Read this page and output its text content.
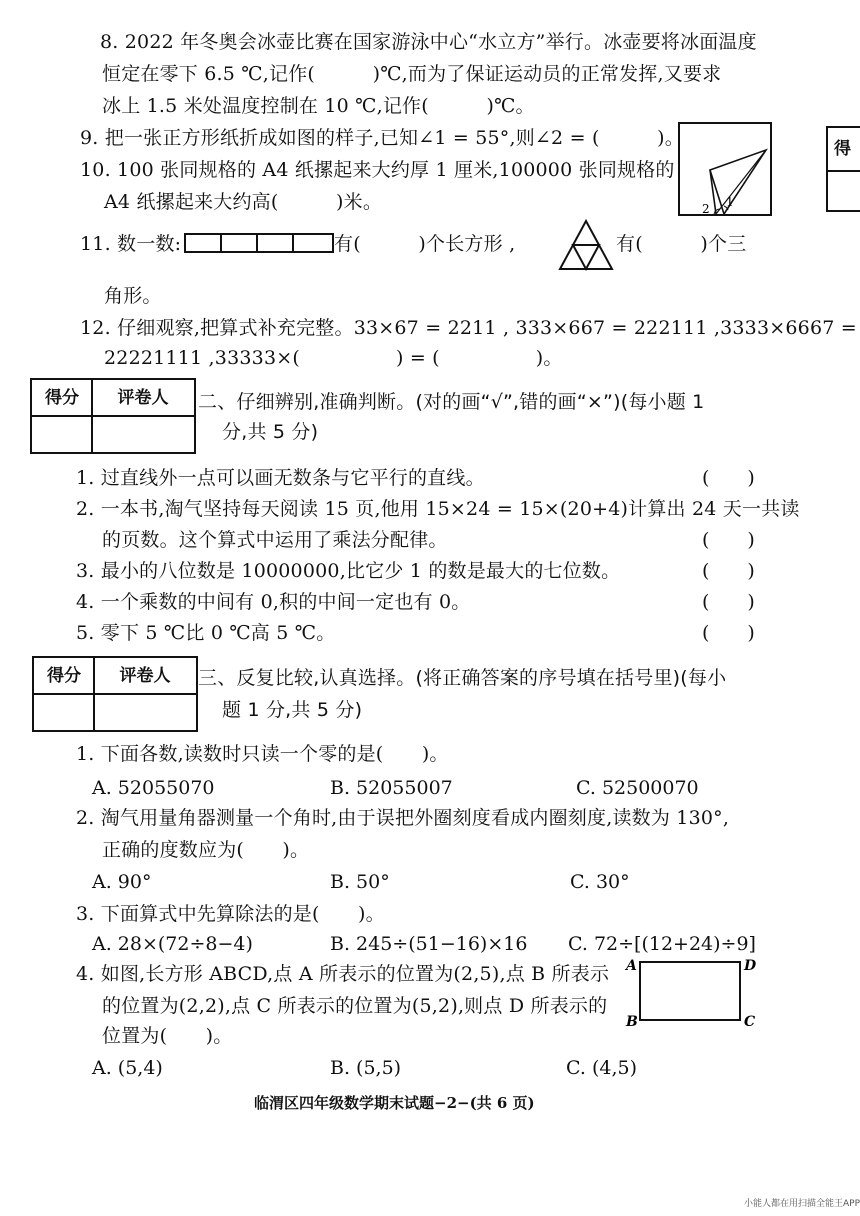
8. 2022 年冬奥会冰壶比赛在国家游泳中心“水立方”举行。冰壶要将冰面温度
恒定在零下 6.5 ℃,记作(　　　)℃,而为了保证运动员的正常发挥,又要求
冰上 1.5 米处温度控制在 10 ℃,记作(　　　)℃。
9. 把一张正方形纸折成如图的样子,已知∠1 = 55°,则∠2 = (　　　)。
1
2
得
10. 100 张同规格的 A4 纸摞起来大约厚 1 厘米,100000 张同规格的
A4 纸摞起来大约高(　　　)米。
11. 数一数:	有(　　　)个长方形 ,	有(　　　)个三
角形。
12. 仔细观察,把算式补充完整。33×67 = 2211 , 333×667 = 222111 ,3333×6667 =
22221111 ,33333×(　　　　　) = (　　　　　)。
得分	评卷人	二、仔细辨别,准确判断。(对的画“√”,错的画“×”)(每小题 1
分,共 5 分)
1. 过直线外一点可以画无数条与它平行的直线。	(　　)
2. 一本书,淘气坚持每天阅读 15 页,他用 15×24 = 15×(20+4)计算出 24 天一共读
的页数。这个算式中运用了乘法分配律。	(　　)
3. 最小的八位数是 10000000,比它少 1 的数是最大的七位数。	(　　)
4. 一个乘数的中间有 0,积的中间一定也有 0。	(　　)
5. 零下 5 ℃比 0 ℃高 5 ℃。	(　　)
得分	评卷人	三、反复比较,认真选择。(将正确答案的序号填在括号里)(每小
题 1 分,共 5 分)
1. 下面各数,读数时只读一个零的是(　　)。
A. 52055070	B. 52055007	C. 52500070
2. 淘气用量角器测量一个角时,由于误把外圈刻度看成内圈刻度,读数为 130°,
正确的度数应为(　　)。
A. 90°	B. 50°	C. 30°
3. 下面算式中先算除法的是(　　)。
A. 28×(72÷8−4)	B. 245÷(51−16)×16 C. 72÷[(12+24)÷9]
4. 如图,长方形 ABCD,点 A 所表示的位置为(2,5),点 B 所表示
的位置为(2,2),点 C 所表示的位置为(5,2),则点 D 所表示的
位置为(　　)。
A	D
B	C
A. (5,4)	B. (5,5)	C. (4,5)
临渭区四年级数学期末试题−2−(共 6 页)
小能人都在用扫描全能王APP
